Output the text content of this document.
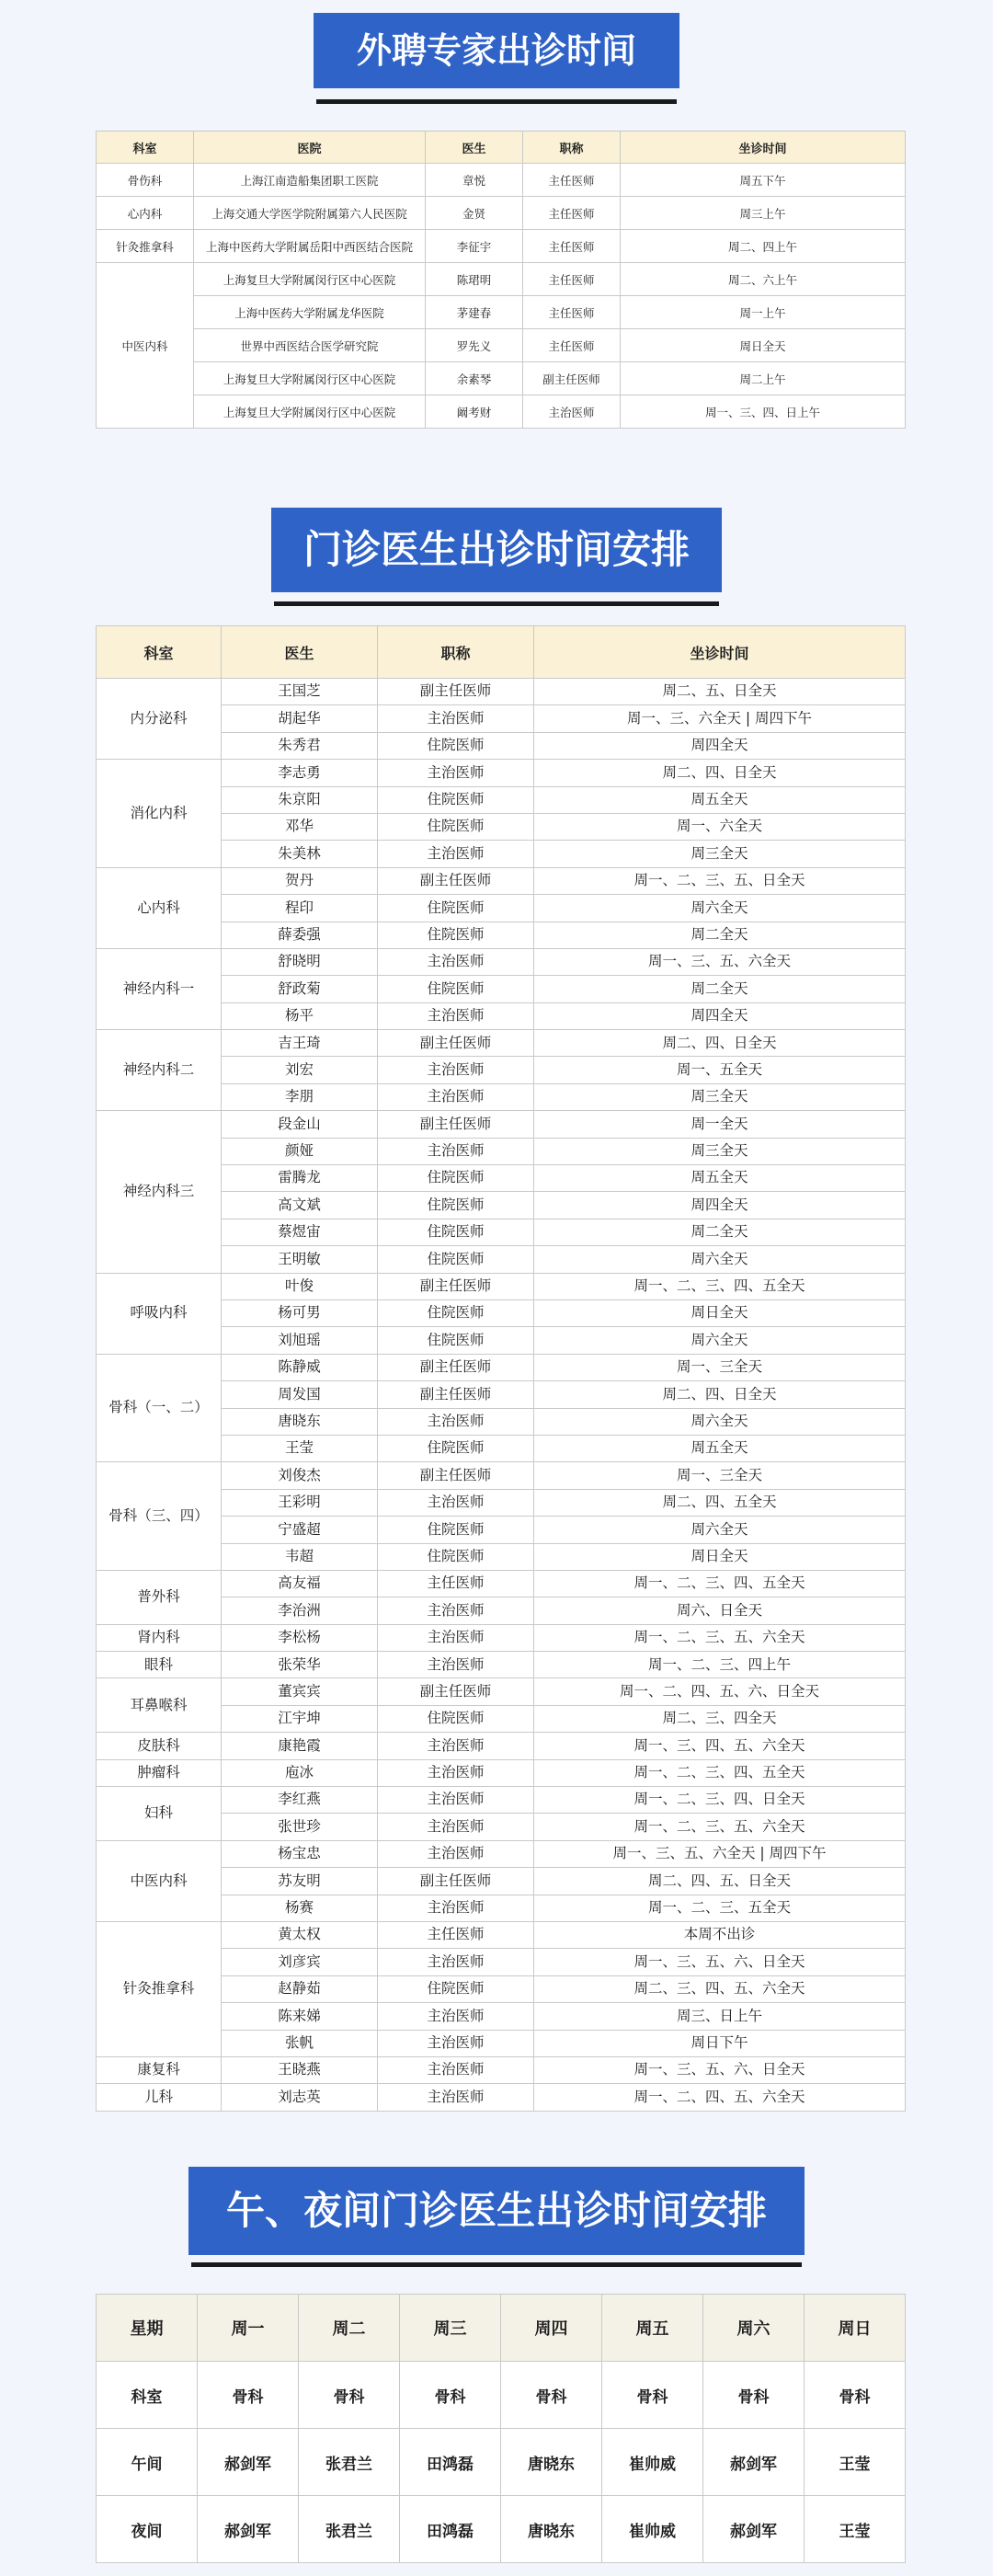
外聘专家出诊时间
科室	医院	医生	职称	坐诊时间
骨伤科	上海江南造船集团职工医院	章悦	主任医师	周五下午
心内科	上海交通大学医学院附属第六人民医院	金贤	主任医师	周三上午
针灸推拿科	上海中医药大学附属岳阳中西医结合医院	李征宇	主任医师	周二、四上午
中医内科	上海复旦大学附属闵行区中心医院	陈珺明	主任医师	周二、六上午
	上海中医药大学附属龙华医院	茅建春	主任医师	周一上午
	世界中西医结合医学研究院	罗先义	主任医师	周日全天
	上海复旦大学附属闵行区中心医院	余素琴	副主任医师	周二上午
	上海复旦大学附属闵行区中心医院	阚考财	主治医师	周一、三、四、日上午
门诊医生出诊时间安排
科室	医生	职称	坐诊时间
内分泌科	王国芝	副主任医师	周二、五、日全天
	胡起华	主治医师	周一、三、六全天 | 周四下午
	朱秀君	住院医师	周四全天
消化内科	李志勇	主治医师	周二、四、日全天
	朱京阳	住院医师	周五全天
	邓华	住院医师	周一、六全天
	朱美林	主治医师	周三全天
心内科	贺丹	副主任医师	周一、二、三、五、日全天
	程印	住院医师	周六全天
	薛委强	住院医师	周二全天
神经内科一	舒晓明	主治医师	周一、三、五、六全天
	舒政菊	住院医师	周二全天
	杨平	主治医师	周四全天
神经内科二	吉王琦	副主任医师	周二、四、日全天
	刘宏	主治医师	周一、五全天
	李朋	主治医师	周三全天
神经内科三	段金山	副主任医师	周一全天
	颜娅	主治医师	周三全天
	雷腾龙	住院医师	周五全天
	高文斌	住院医师	周四全天
	蔡煜宙	住院医师	周二全天
	王明敏	住院医师	周六全天
呼吸内科	叶俊	副主任医师	周一、二、三、四、五全天
	杨可男	住院医师	周日全天
	刘旭瑶	住院医师	周六全天
骨科（一、二）	陈静威	副主任医师	周一、三全天
	周发国	副主任医师	周二、四、日全天
	唐晓东	主治医师	周六全天
	王莹	住院医师	周五全天
骨科（三、四）	刘俊杰	副主任医师	周一、三全天
	王彩明	主治医师	周二、四、五全天
	宁盛超	住院医师	周六全天
	韦超	住院医师	周日全天
普外科	高友福	主任医师	周一、二、三、四、五全天
	李治洲	主治医师	周六、日全天
肾内科	李松杨	主治医师	周一、二、三、五、六全天
眼科	张荣华	主治医师	周一、二、三、四上午
耳鼻喉科	董宾宾	副主任医师	周一、二、四、五、六、日全天
	江宇坤	住院医师	周二、三、四全天
皮肤科	康艳霞	主治医师	周一、三、四、五、六全天
肿瘤科	庖冰	主治医师	周一、二、三、四、五全天
妇科	李红燕	主治医师	周一、二、三、四、日全天
	张世珍	主治医师	周一、二、三、五、六全天
中医内科	杨宝忠	主治医师	周一、三、五、六全天 | 周四下午
	苏友明	副主任医师	周二、四、五、日全天
	杨赛	主治医师	周一、二、三、五全天
针灸推拿科	黄太权	主任医师	本周不出诊
	刘彦宾	主治医师	周一、三、五、六、日全天
	赵静茹	住院医师	周二、三、四、五、六全天
	陈来娣	主治医师	周三、日上午
	张帆	主治医师	周日下午
康复科	王晓燕	主治医师	周一、三、五、六、日全天
儿科	刘志英	主治医师	周一、二、四、五、六全天
午、夜间门诊医生出诊时间安排
星期	周一	周二	周三	周四	周五	周六	周日
科室	骨科	骨科	骨科	骨科	骨科	骨科	骨科
午间	郝剑军	张君兰	田鸿磊	唐晓东	崔帅威	郝剑军	王莹
夜间	郝剑军	张君兰	田鸿磊	唐晓东	崔帅威	郝剑军	王莹
